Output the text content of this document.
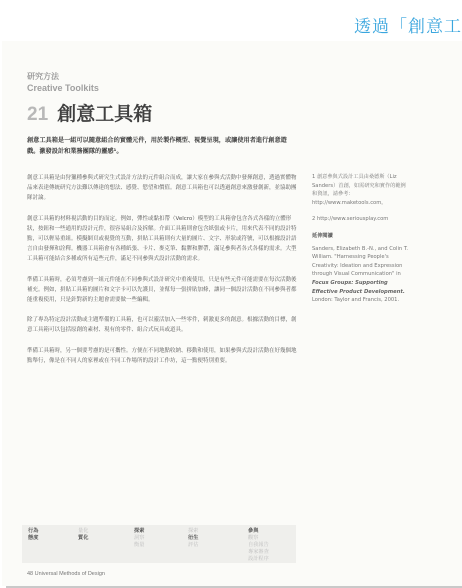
透過「創意工
研究方法
Creative Toolkits
21 創意工具箱
創意工具箱是一組可以隨意組合的實體元件，用於製作概型、視覺呈現，或讓使用者進行創意遊戲。激發設計和業務團隊的靈感¹。

創意工具箱是由狩獵種參與式研究生式設計方法的元件組合而成，讓大家在參與式活動中發揮創意，透過實體物品來表達傳統研究方法難以傳達的想法、感覺、慾望和價值。創意工具箱也可以透過創意來激發創新，並協助團隊討論。

創意工具箱的材料視活動的目的而定。例如，彈性或黏扣帶（Velcro）模型的工具箱會包含各式各樣的立體形狀，按鈕和一些通用的設計元件，很容易組合及拆解。介面工具箱則會包含紙張或卡片，用來代表不同的設計特點，可以輕易重組。模擬網頁或視覺的互動，拼貼工具箱則有大量的圖片、文字、形狀或符號，可以根據設計語言自由發揮和詮釋。機器工具箱會有各種紙張、卡片、麥克筆、黏膠和膠帶，滿足參與者各式各樣的需求。大型工具箱可能結合多種或所有這些元件，滿足不同參與式設計活動的需求。

準備工具箱時，必須考慮到一組元件能在不同參與式設計研究中重複使用，只是有些元件可能需要在每次活動後補充。例如，拼貼工具箱的圖片和文字卡可以先護貝，並幫每一張拼貼加條，讓同一個設計活動在不同參與者都能重複使用，只是針對新的主題會需要做一些編輯。

除了專為特定設計活動或主題準備的工具箱，也可以靈活加入一些零件，刺激更多的創意。根據活動的目標，創意工具箱可以包括原創的素材、現有的零件、組合式玩具或道具。

準備工具箱時，另一個要考慮的是可攜性。方便在不同地點收納、移動和使用，如果參與式設計活動在好幾個地點舉行，像是在不同人的家裡或在不同工作場所的設計工作坊，這一點便特別重要。

1 創意參與式設計工具由桑德斯（Liz Sanders）首創，如需研究和實作的範例和資訊，請參考：http://www.maketools.com。

2 http://www.seriousplay.com

延伸閱讀

Sanders, Elizabeth B.-N., and Colin T. William. "Harnessing People's Creativity: Ideation and Expression through Visual Communication" in Focus Groups: Supporting Effective Product Development. London: Taylor and Francis, 2001.

行為
態度
量化
質化
探索
洞察
衡量
探索
衍生
評估
參與
觀察
自我報告
專家審查
設計程序
48 Universal Methods of Design
